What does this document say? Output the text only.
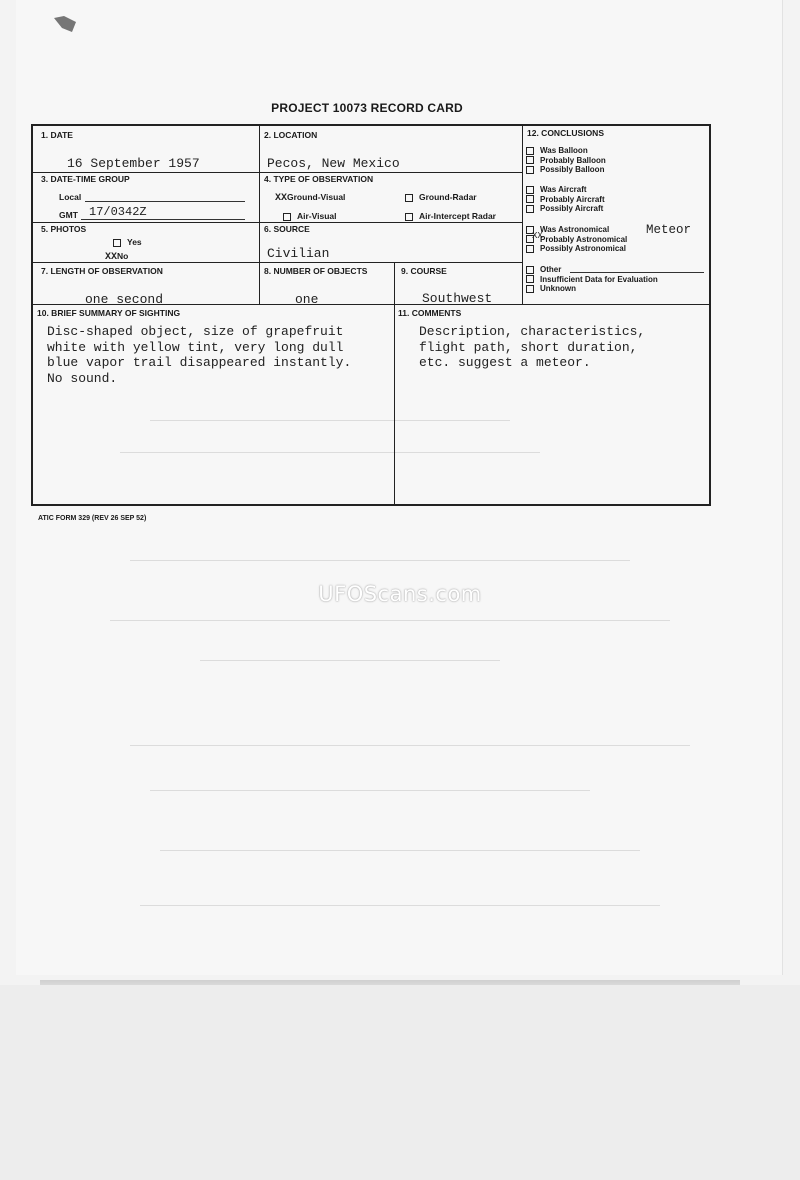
PROJECT 10073 RECORD CARD
1. DATE
16 September 1957
2. LOCATION
Pecos, New Mexico
3. DATE-TIME GROUP
Local
GMT 17/0342Z
4. TYPE OF OBSERVATION
XXGround-Visual	Ground-Radar
Air-Visual	Air-Intercept Radar
5. PHOTOS
Yes
XXNo
6. SOURCE
Civilian
7. LENGTH OF OBSERVATION
one second
8. NUMBER OF OBJECTS
one
9. COURSE
Southwest
10. BRIEF SUMMARY OF SIGHTING
Disc-shaped object, size of grapefruit
white with yellow tint, very long dull
blue vapor trail disappeared instantly.
No sound.
11. COMMENTS
Description, characteristics,
flight path, short duration,
etc. suggest a meteor.
12. CONCLUSIONS
Was Balloon
Probably Balloon
Possibly Balloon
Was Aircraft
Probably Aircraft
Possibly Aircraft
Was Astronomical
Probably Astronomical
Possibly Astronomical
Meteor
XX
Other
Insufficient Data for Evaluation
Unknown
ATIC FORM 329 (REV 26 SEP 52)
UFOScans.com
